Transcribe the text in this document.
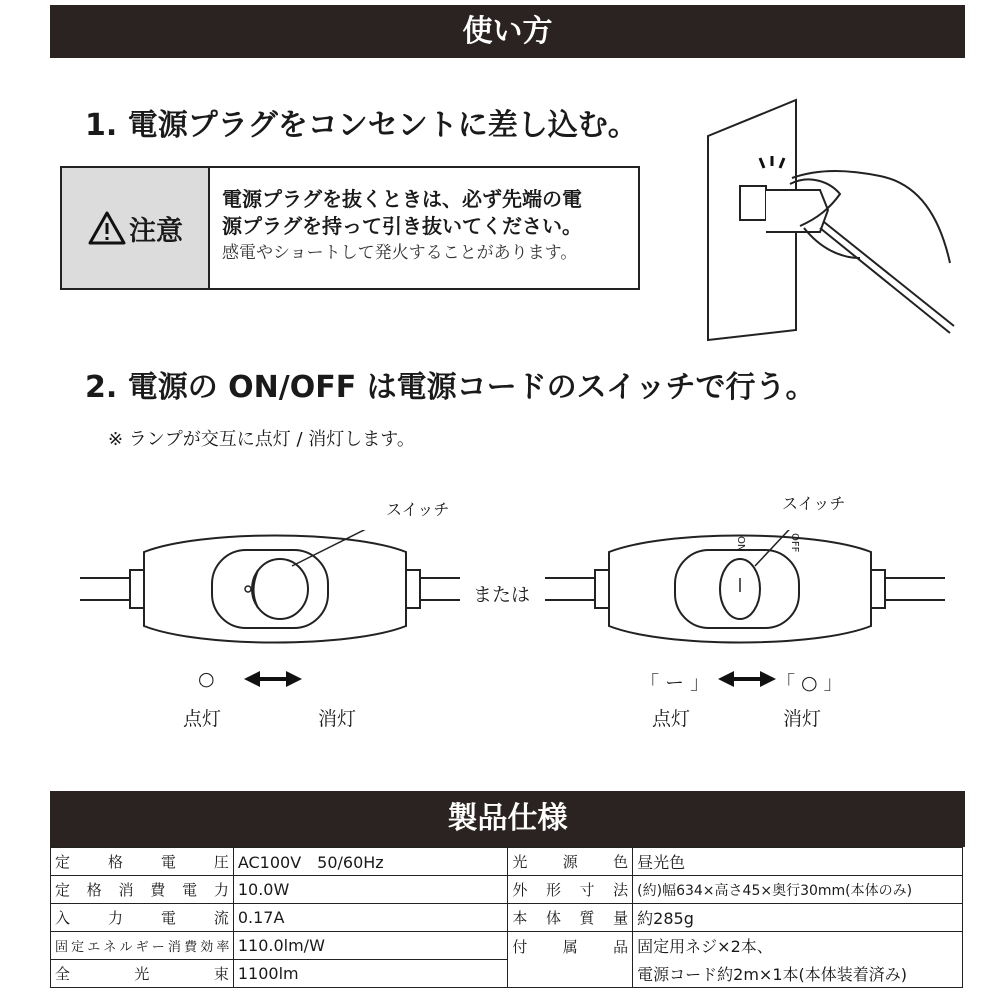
使い方
1. 電源プラグをコンセントに差し込む。
注意
電源プラグを抜くときは、必ず先端の電
源プラグを持って引き抜いてください。
感電やショートして発火することがあります。
2. 電源の ON/OFF は電源コードのスイッチで行う。
※ ランプが交互に点灯 / 消灯します。
スイッチ
または
ON	OFF
スイッチ
○
点灯	消灯
「 ー 」	「 ○ 」
点灯	消灯
製品仕様
定格電圧	AC100V　50/60Hz	光源色	昼光色
定格消費電力	10.0W	外形寸法	(約)幅634×高さ45×奥行30mm(本体のみ)
入力電流	0.17A	本体質量	約285g
固定エネルギー消費効率	110.0lm/W	付属品	固定用ネジ×2本、
全光束	1100lm		電源コード約2m×1本(本体装着済み)
